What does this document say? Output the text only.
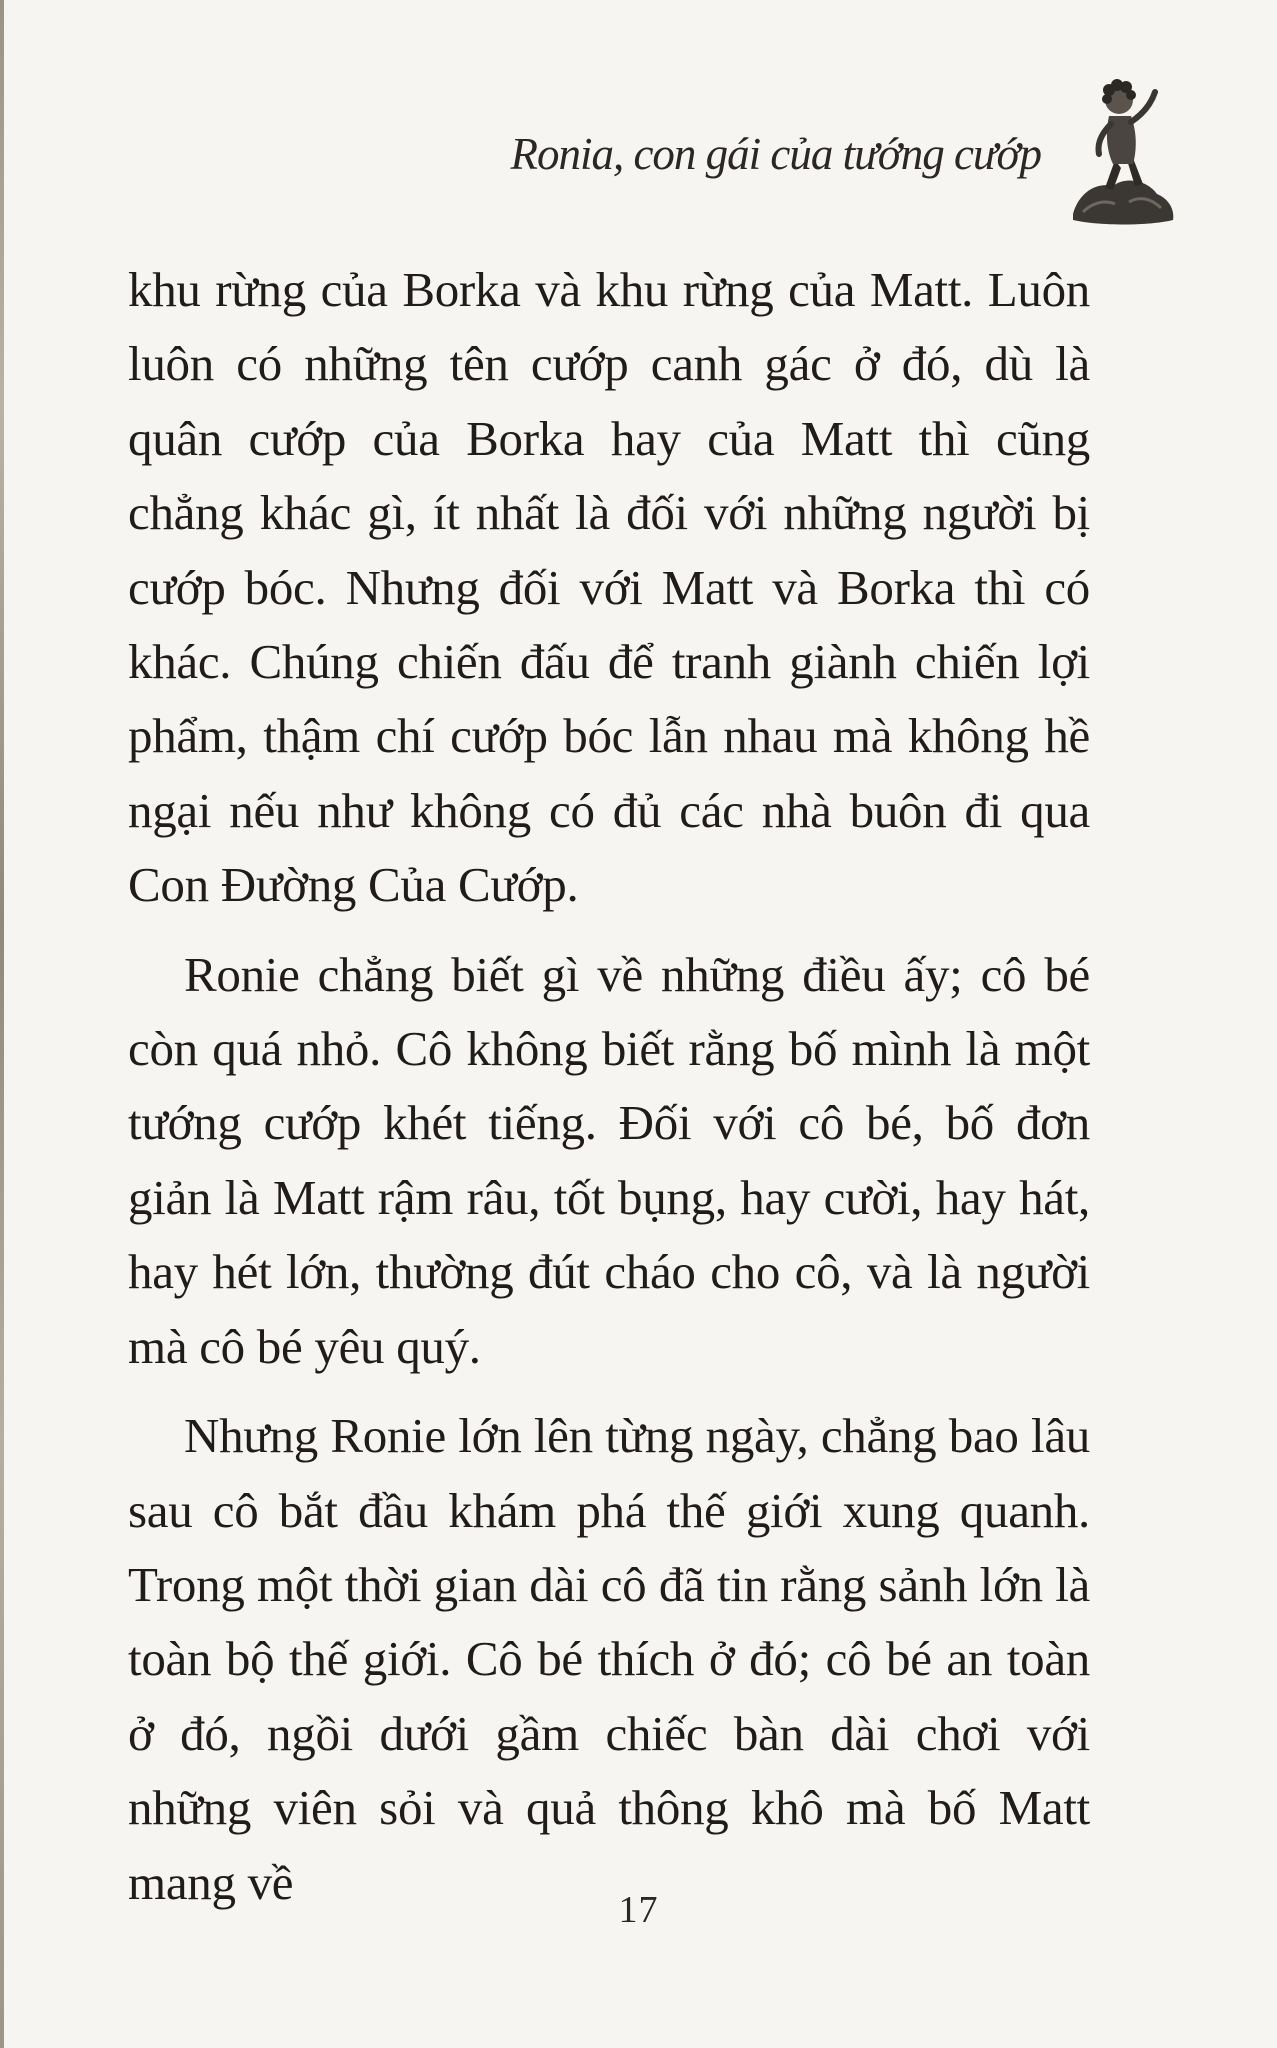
Ronia, con gái của tướng cướp

khu rừng của Borka và khu rừng của Matt. Luôn luôn có những tên cướp canh gác ở đó, dù là quân cướp của Borka hay của Matt thì cũng chẳng khác gì, ít nhất là đối với những người bị cướp bóc. Nhưng đối với Matt và Borka thì có khác. Chúng chiến đấu để tranh giành chiến lợi phẩm, thậm chí cướp bóc lẫn nhau mà không hề ngại nếu như không có đủ các nhà buôn đi qua Con Đường Của Cướp.

Ronie chẳng biết gì về những điều ấy; cô bé còn quá nhỏ. Cô không biết rằng bố mình là một tướng cướp khét tiếng. Đối với cô bé, bố đơn giản là Matt rậm râu, tốt bụng, hay cười, hay hát, hay hét lớn, thường đút cháo cho cô, và là người mà cô bé yêu quý.

Nhưng Ronie lớn lên từng ngày, chẳng bao lâu sau cô bắt đầu khám phá thế giới xung quanh. Trong một thời gian dài cô đã tin rằng sảnh lớn là toàn bộ thế giới. Cô bé thích ở đó; cô bé an toàn ở đó, ngồi dưới gầm chiếc bàn dài chơi với những viên sỏi và quả thông khô mà bố Matt mang về

17
